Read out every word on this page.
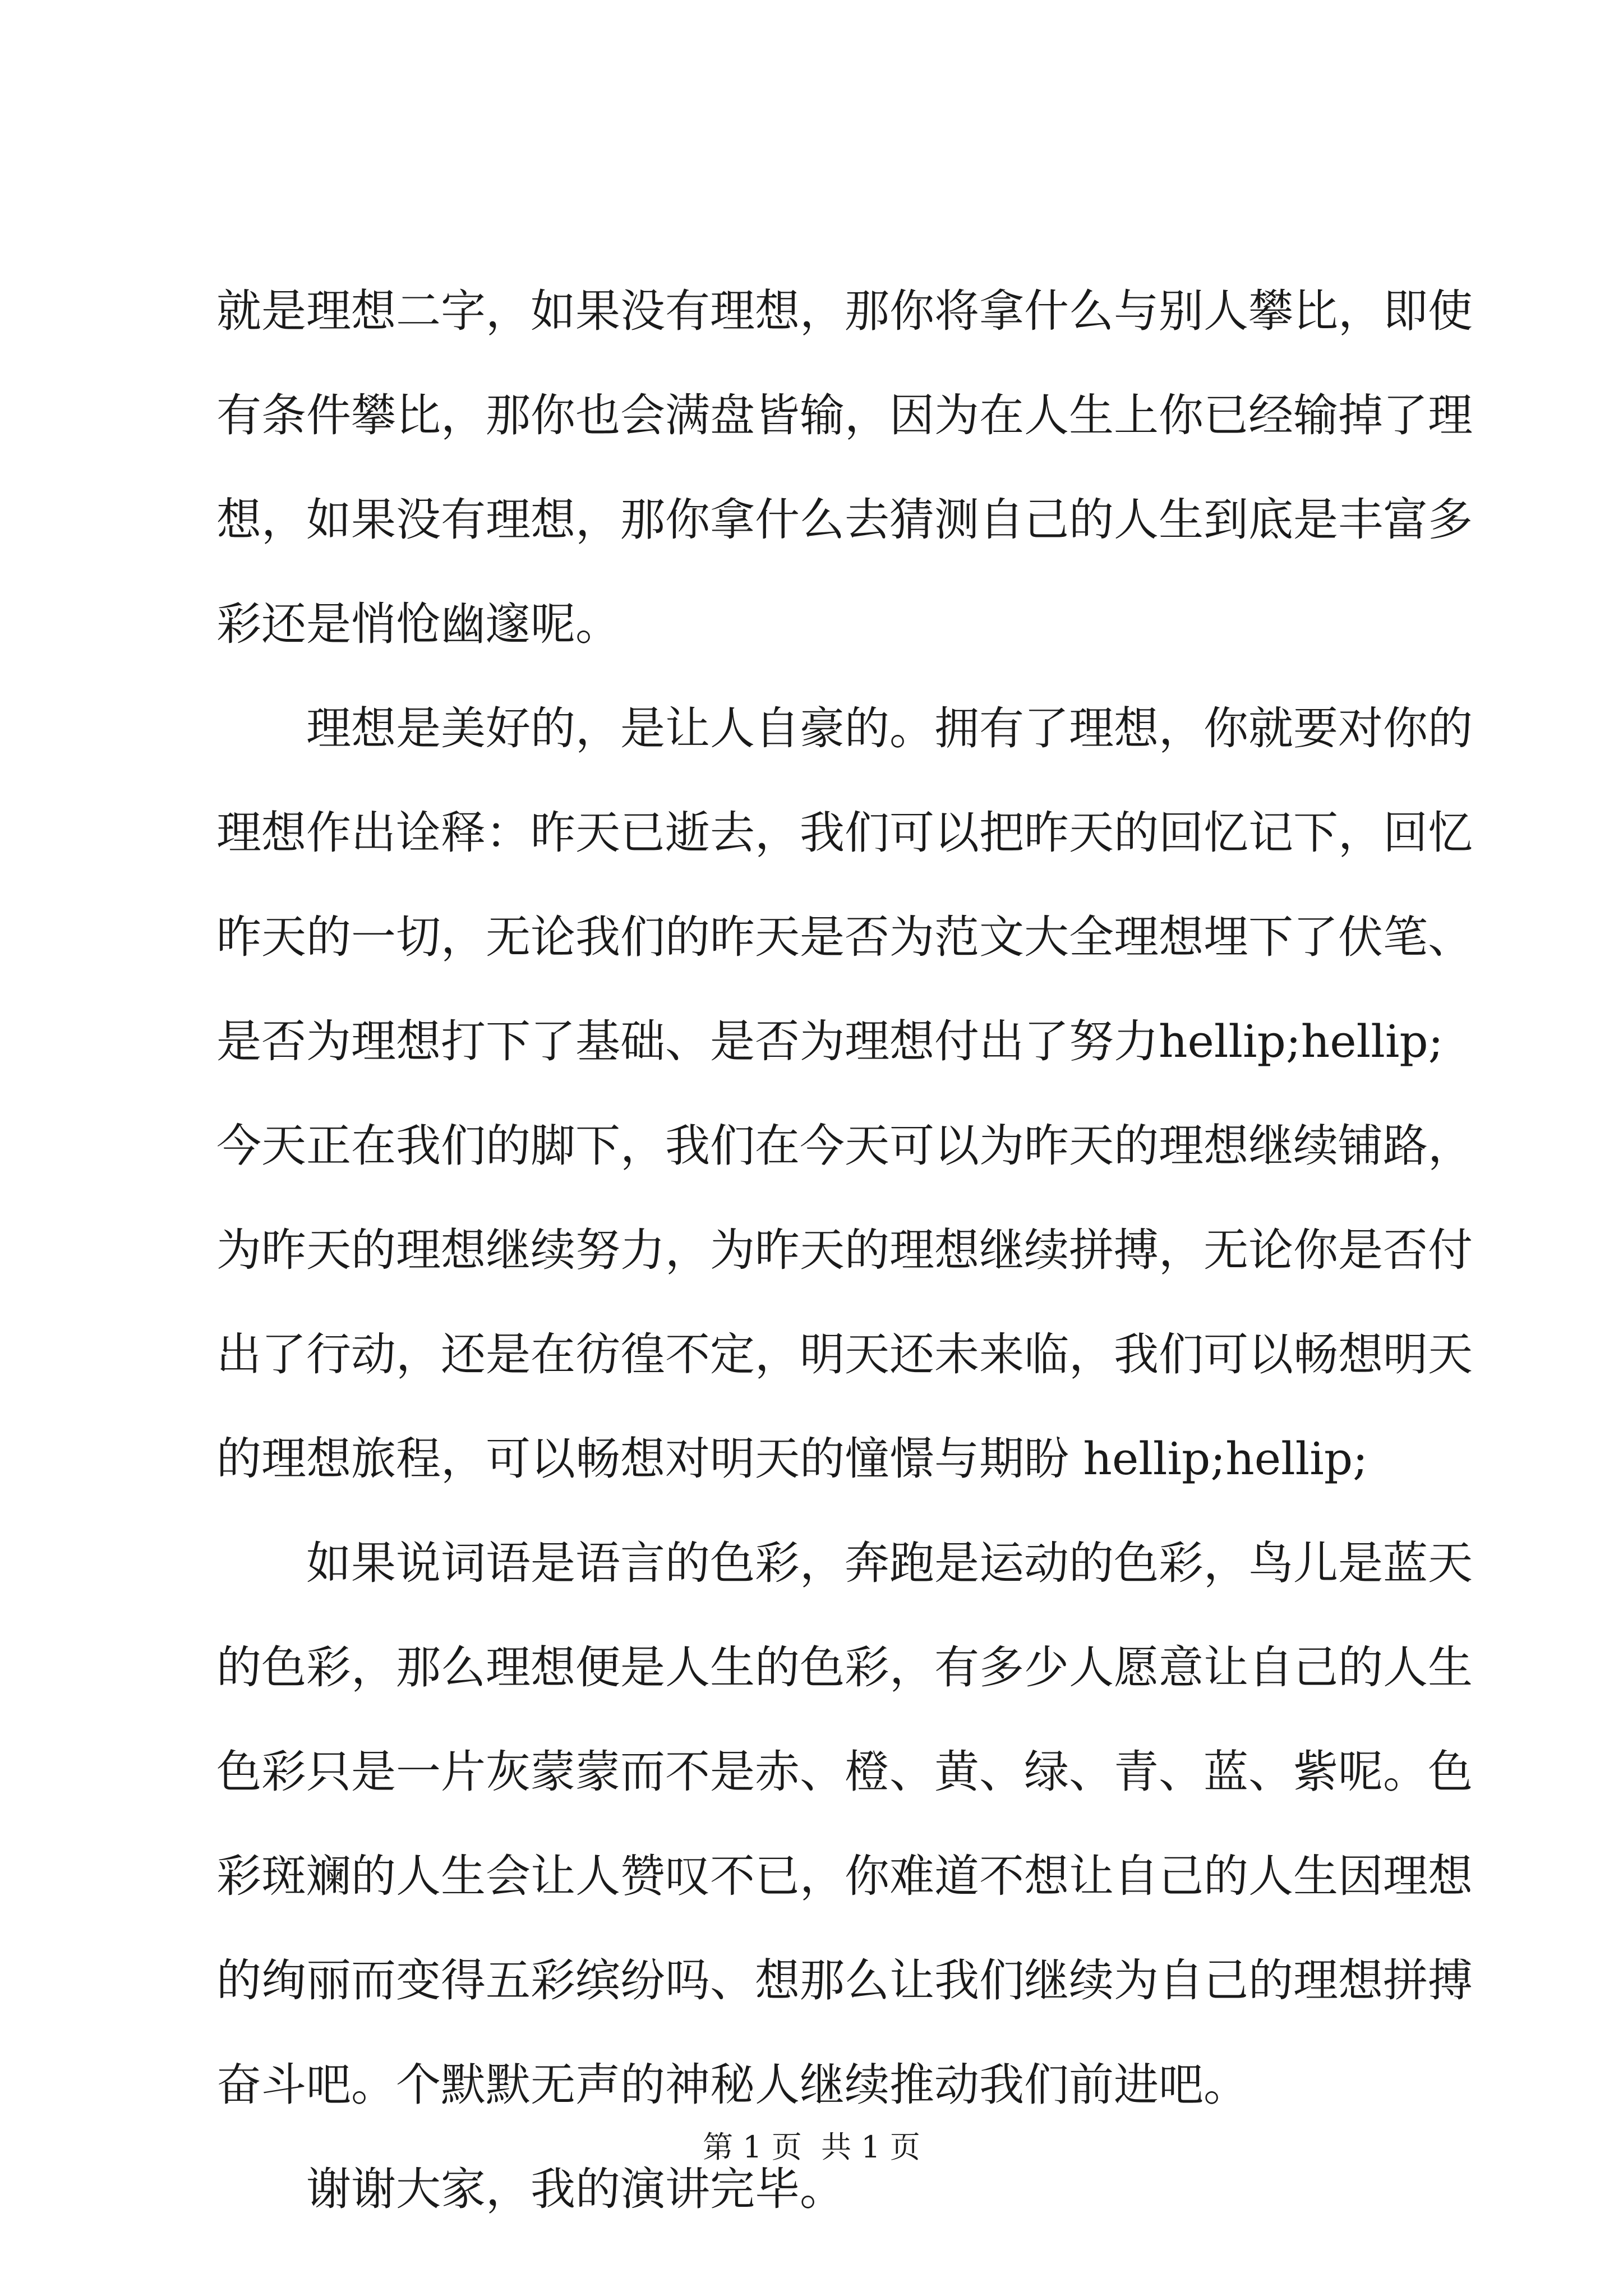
就是理想二字，如果没有理想，那你将拿什么与别人攀比，即使
有条件攀比，那你也会满盘皆输，因为在人生上你已经输掉了理
想，如果没有理想，那你拿什么去猜测自己的人生到底是丰富多
彩还是悄怆幽邃呢。
理想是美好的，是让人自豪的。拥有了理想，你就要对你的
理想作出诠释：昨天已逝去，我们可以把昨天的回忆记下，回忆
昨天的一切，无论我们的昨天是否为范文大全理想埋下了伏笔、
是否为理想打下了基础、是否为理想付出了努力hellip;hellip;
今天正在我们的脚下，我们在今天可以为昨天的理想继续铺路，
为昨天的理想继续努力，为昨天的理想继续拼搏，无论你是否付
出了行动，还是在彷徨不定，明天还未来临，我们可以畅想明天
的理想旅程，可以畅想对明天的憧憬与期盼 hellip;hellip;
如果说词语是语言的色彩，奔跑是运动的色彩，鸟儿是蓝天
的色彩，那么理想便是人生的色彩，有多少人愿意让自己的人生
色彩只是一片灰蒙蒙而不是赤、橙、黄、绿、青、蓝、紫呢。色
彩斑斓的人生会让人赞叹不已，你难道不想让自己的人生因理想
的绚丽而变得五彩缤纷吗、想那么让我们继续为自己的理想拼搏
奋斗吧。个默默无声的神秘人继续推动我们前进吧。
谢谢大家，我的演讲完毕。
第 1 页  共 1 页
